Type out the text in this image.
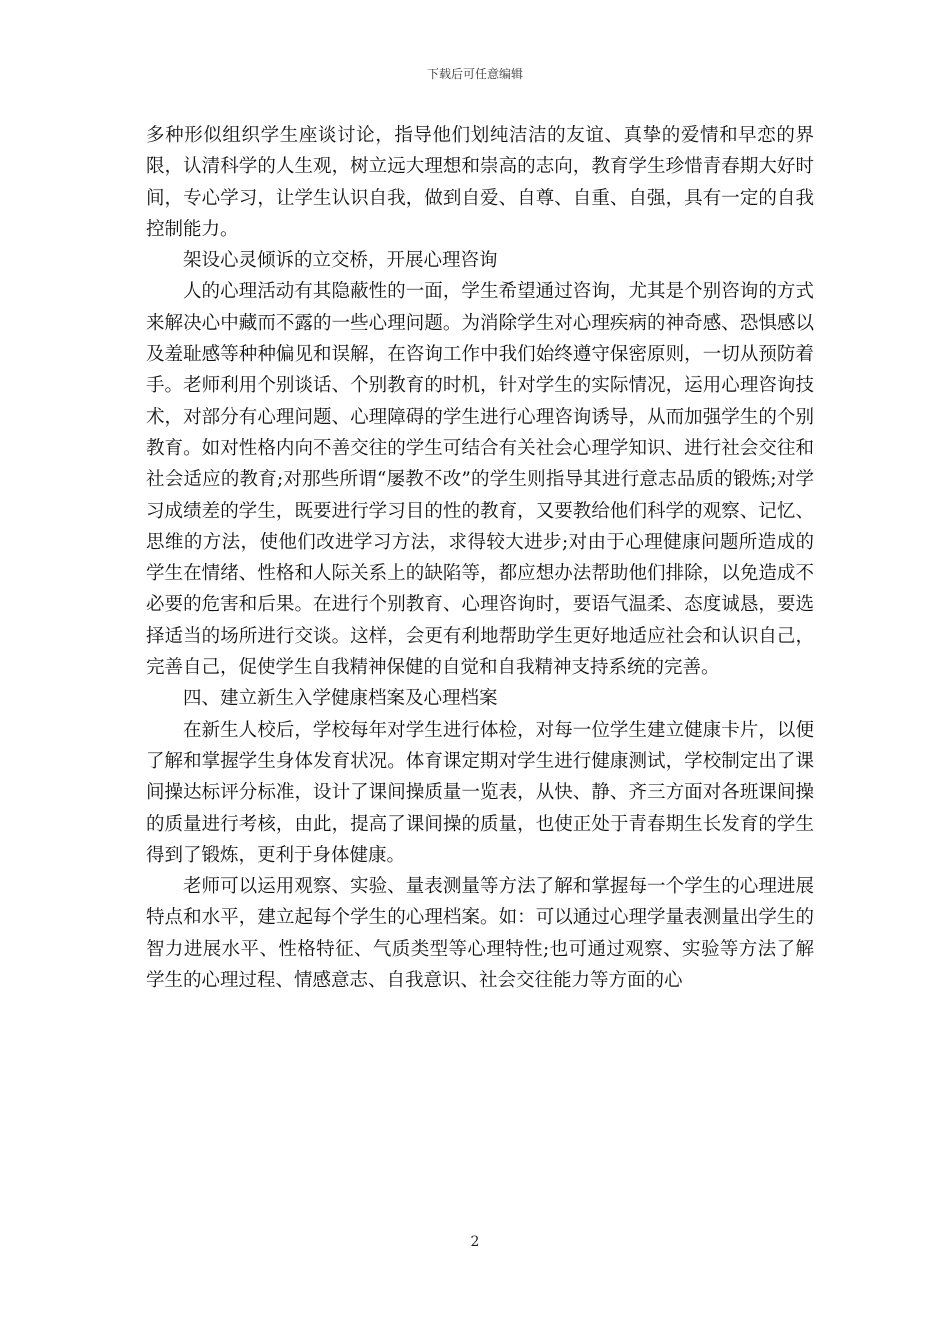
下载后可任意编辑

多种形似组织学生座谈讨论，指导他们划纯洁洁的友谊、真挚的爱情和早恋的界限，认清科学的人生观，树立远大理想和崇高的志向，教育学生珍惜青春期大好时间，专心学习，让学生认识自我，做到自爱、自尊、自重、自强，具有一定的自我控制能力。

架设心灵倾诉的立交桥，开展心理咨询

人的心理活动有其隐蔽性的一面，学生希望通过咨询，尤其是个别咨询的方式来解决心中藏而不露的一些心理问题。为消除学生对心理疾病的神奇感、恐惧感以及羞耻感等种种偏见和误解，在咨询工作中我们始终遵守保密原则，一切从预防着手。老师利用个别谈话、个别教育的时机，针对学生的实际情况，运用心理咨询技术，对部分有心理问题、心理障碍的学生进行心理咨询诱导，从而加强学生的个别教育。如对性格内向不善交往的学生可结合有关社会心理学知识、进行社会交往和社会适应的教育;对那些所谓“屡教不改”的学生则指导其进行意志品质的锻炼;对学习成绩差的学生，既要进行学习目的性的教育，又要教给他们科学的观察、记忆、思维的方法，使他们改进学习方法，求得较大进步;对由于心理健康问题所造成的学生在情绪、性格和人际关系上的缺陷等，都应想办法帮助他们排除，以免造成不必要的危害和后果。在进行个别教育、心理咨询时，要语气温柔、态度诚恳，要选择适当的场所进行交谈。这样，会更有利地帮助学生更好地适应社会和认识自己，完善自己，促使学生自我精神保健的自觉和自我精神支持系统的完善。

四、建立新生入学健康档案及心理档案

在新生人校后，学校每年对学生进行体检，对每一位学生建立健康卡片，以便了解和掌握学生身体发育状况。体育课定期对学生进行健康测试，学校制定出了课间操达标评分标准，设计了课间操质量一览表，从快、静、齐三方面对各班课间操的质量进行考核，由此，提高了课间操的质量，也使正处于青春期生长发育的学生得到了锻炼，更利于身体健康。

老师可以运用观察、实验、量表测量等方法了解和掌握每一个学生的心理进展特点和水平，建立起每个学生的心理档案。如：可以通过心理学量表测量出学生的智力进展水平、性格特征、气质类型等心理特性;也可通过观察、实验等方法了解学生的心理过程、情感意志、自我意识、社会交往能力等方面的心

2
